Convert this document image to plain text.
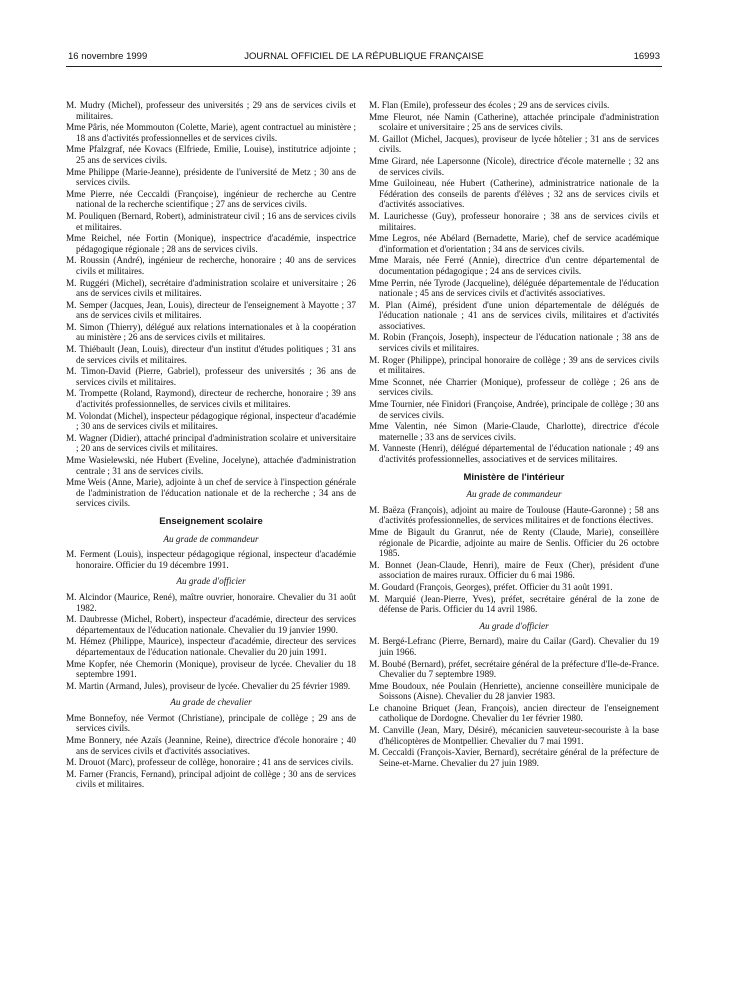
16 novembre 1999	JOURNAL OFFICIEL DE LA RÉPUBLIQUE FRANÇAISE	16993

M. Mudry (Michel), professeur des universités ; 29 ans de services civils et militaires.

Mme Pâris, née Mommouton (Colette, Marie), agent contractuel au ministère ; 18 ans d'activités professionnelles et de services civils.

Mme Pfalzgraf, née Kovacs (Elfriede, Emilie, Louise), institutrice adjointe ; 25 ans de services civils.

Mme Philippe (Marie-Jeanne), présidente de l'université de Metz ; 30 ans de services civils.

Mme Pierre, née Ceccaldi (Françoise), ingénieur de recherche au Centre national de la recherche scientifique ; 27 ans de services civils.

M. Pouliquen (Bernard, Robert), administrateur civil ; 16 ans de services civils et militaires.

Mme Reichel, née Fortin (Monique), inspectrice d'académie, inspectrice pédagogique régionale ; 28 ans de services civils.

M. Roussin (André), ingénieur de recherche, honoraire ; 40 ans de services civils et militaires.

M. Ruggéri (Michel), secrétaire d'administration scolaire et universitaire ; 26 ans de services civils et militaires.

M. Semper (Jacques, Jean, Louis), directeur de l'enseignement à Mayotte ; 37 ans de services civils et militaires.

M. Simon (Thierry), délégué aux relations internationales et à la coopération au ministère ; 26 ans de services civils et militaires.

M. Thiébault (Jean, Louis), directeur d'un institut d'études politiques ; 31 ans de services civils et militaires.

M. Timon-David (Pierre, Gabriel), professeur des universités ; 36 ans de services civils et militaires.

M. Trompette (Roland, Raymond), directeur de recherche, honoraire ; 39 ans d'activités professionnelles, de services civils et militaires.

M. Volondat (Michel), inspecteur pédagogique régional, inspecteur d'académie ; 30 ans de services civils et militaires.

M. Wagner (Didier), attaché principal d'administration scolaire et universitaire ; 20 ans de services civils et militaires.

Mme Wasielewski, née Hubert (Eveline, Jocelyne), attachée d'administration centrale ; 31 ans de services civils.

Mme Weis (Anne, Marie), adjointe à un chef de service à l'inspection générale de l'administration de l'éducation nationale et de la recherche ; 34 ans de services civils.

Enseignement scolaire
Au grade de commandeur

M. Ferment (Louis), inspecteur pédagogique régional, inspecteur d'académie honoraire. Officier du 19 décembre 1991.

Au grade d'officier

M. Alcindor (Maurice, René), maître ouvrier, honoraire. Chevalier du 31 août 1982.

M. Daubresse (Michel, Robert), inspecteur d'académie, directeur des services départementaux de l'éducation nationale. Chevalier du 19 janvier 1990.

M. Hémez (Philippe, Maurice), inspecteur d'académie, directeur des services départementaux de l'éducation nationale. Chevalier du 20 juin 1991.

Mme Kopfer, née Chemorin (Monique), proviseur de lycée. Chevalier du 18 septembre 1991.

M. Martin (Armand, Jules), proviseur de lycée. Chevalier du 25 février 1989.

Au grade de chevalier

Mme Bonnefoy, née Vermot (Christiane), principale de collège ; 29 ans de services civils.

Mme Bonnery, née Azaïs (Jeannine, Reine), directrice d'école honoraire ; 40 ans de services civils et d'activités associatives.

M. Drouot (Marc), professeur de collège, honoraire ; 41 ans de services civils.

M. Farner (Francis, Fernand), principal adjoint de collège ; 30 ans de services civils et militaires.

M. Flan (Emile), professeur des écoles ; 29 ans de services civils.

Mme Fleurot, née Namin (Catherine), attachée principale d'administration scolaire et universitaire ; 25 ans de services civils.

M. Gaillot (Michel, Jacques), proviseur de lycée hôtelier ; 31 ans de services civils.

Mme Girard, née Lapersonne (Nicole), directrice d'école maternelle ; 32 ans de services civils.

Mme Guiloineau, née Hubert (Catherine), administratrice nationale de la Fédération des conseils de parents d'élèves ; 32 ans de services civils et d'activités associatives.

M. Laurichesse (Guy), professeur honoraire ; 38 ans de services civils et militaires.

Mme Legros, née Abélard (Bernadette, Marie), chef de service académique d'information et d'orientation ; 34 ans de services civils.

Mme Marais, née Ferré (Annie), directrice d'un centre départemental de documentation pédagogique ; 24 ans de services civils.

Mme Perrin, née Tyrode (Jacqueline), déléguée départementale de l'éducation nationale ; 45 ans de services civils et d'activités associatives.

M. Plan (Aimé), président d'une union départementale de délégués de l'éducation nationale ; 41 ans de services civils, militaires et d'activités associatives.

M. Robin (François, Joseph), inspecteur de l'éducation nationale ; 38 ans de services civils et militaires.

M. Roger (Philippe), principal honoraire de collège ; 39 ans de services civils et militaires.

Mme Sconnet, née Charrier (Monique), professeur de collège ; 26 ans de services civils.

Mme Tournier, née Finidori (Françoise, Andrée), principale de collège ; 30 ans de services civils.

Mme Valentin, née Simon (Marie-Claude, Charlotte), directrice d'école maternelle ; 33 ans de services civils.

M. Vanneste (Henri), délégué départemental de l'éducation nationale ; 49 ans d'activités professionnelles, associatives et de services militaires.

Ministère de l'intérieur
Au grade de commandeur

M. Baëza (François), adjoint au maire de Toulouse (Haute-Garonne) ; 58 ans d'activités professionnelles, de services militaires et de fonctions électives.

Mme de Bigault du Granrut, née de Renty (Claude, Marie), conseillère régionale de Picardie, adjointe au maire de Senlis. Officier du 26 octobre 1985.

M. Bonnet (Jean-Claude, Henri), maire de Feux (Cher), président d'une association de maires ruraux. Officier du 6 mai 1986.

M. Goudard (François, Georges), préfet. Officier du 31 août 1991.

M. Marquié (Jean-Pierre, Yves), préfet, secrétaire général de la zone de défense de Paris. Officier du 14 avril 1986.

Au grade d'officier

M. Bergé-Lefranc (Pierre, Bernard), maire du Cailar (Gard). Chevalier du 19 juin 1966.

M. Boubé (Bernard), préfet, secrétaire général de la préfecture d'Ile-de-France. Chevalier du 7 septembre 1989.

Mme Boudoux, née Poulain (Henriette), ancienne conseillère municipale de Soissons (Aisne). Chevalier du 28 janvier 1983.

Le chanoine Briquet (Jean, François), ancien directeur de l'enseignement catholique de Dordogne. Chevalier du 1er février 1980.

M. Canville (Jean, Mary, Désiré), mécanicien sauveteur-secouriste à la base d'hélicoptères de Montpellier. Chevalier du 7 mai 1991.

M. Ceccaldi (François-Xavier, Bernard), secrétaire général de la préfecture de Seine-et-Marne. Chevalier du 27 juin 1989.
